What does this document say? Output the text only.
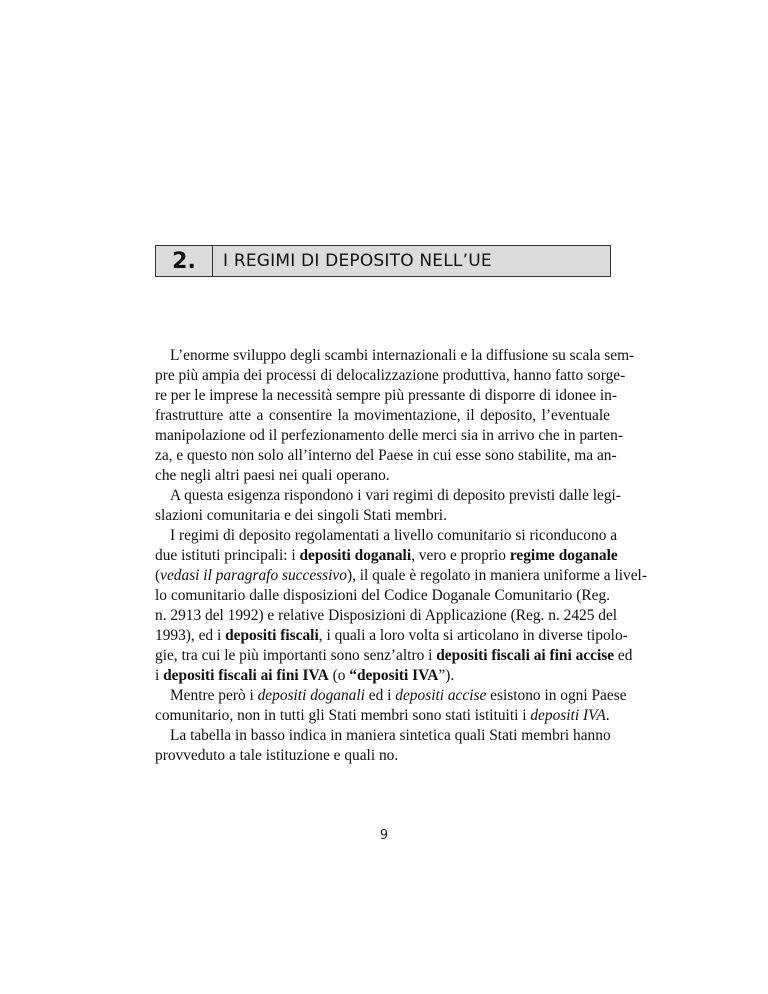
2.	I REGIMI DI DEPOSITO NELL’UE
L’enorme sviluppo degli scambi internazionali e la diffusione su scala sem-
pre più ampia dei processi di delocalizzazione produttiva, hanno fatto sorge-
re per le imprese la necessità sempre più pressante di disporre di idonee in-
frastrutture atte a consentire la movimentazione, il deposito, l’eventuale
manipolazione od il perfezionamento delle merci sia in arrivo che in parten-
za, e questo non solo all’interno del Paese in cui esse sono stabilite, ma an-
che negli altri paesi nei quali operano.
A questa esigenza rispondono i vari regimi di deposito previsti dalle legi-
slazioni comunitaria e dei singoli Stati membri.
I regimi di deposito regolamentati a livello comunitario si riconducono a
due istituti principali: i depositi doganali, vero e proprio regime doganale
(vedasi il paragrafo successivo), il quale è regolato in maniera uniforme a livel-
lo comunitario dalle disposizioni del Codice Doganale Comunitario (Reg.
n. 2913 del 1992) e relative Disposizioni di Applicazione (Reg. n. 2425 del
1993), ed i depositi fiscali, i quali a loro volta si articolano in diverse tipolo-
gie, tra cui le più importanti sono senz’altro i depositi fiscali ai fini accise ed
i depositi fiscali ai fini IVA (o “depositi IVA”).
Mentre però i depositi doganali ed i depositi accise esistono in ogni Paese
comunitario, non in tutti gli Stati membri sono stati istituiti i depositi IVA.
La tabella in basso indica in maniera sintetica quali Stati membri hanno
provveduto a tale istituzione e quali no.
9
